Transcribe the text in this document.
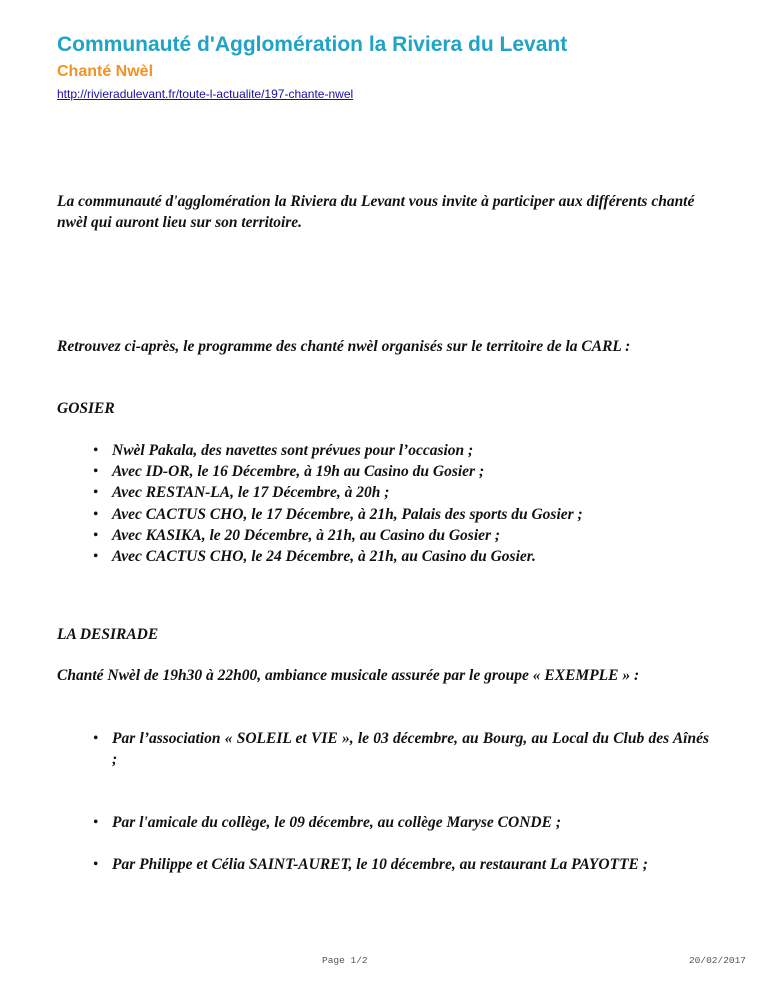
Communauté d'Agglomération la Riviera du Levant
Chanté Nwèl
http://rivieradulevant.fr/toute-l-actualite/197-chante-nwel

La communauté d'agglomération la Riviera du Levant vous invite à participer aux différents chanté nwèl qui auront lieu sur son territoire.

Retrouvez ci-après, le programme des chanté nwèl organisés sur le territoire de la CARL :

GOSIER

• Nwèl Pakala, des navettes sont prévues pour l’occasion ;
• Avec ID-OR, le 16 Décembre, à 19h au Casino du Gosier ;
• Avec RESTAN-LA, le 17 Décembre, à 20h ;
• Avec CACTUS CHO, le 17 Décembre, à 21h, Palais des sports du Gosier ;
• Avec KASIKA, le 20 Décembre, à 21h, au Casino du Gosier ;
• Avec CACTUS CHO, le 24 Décembre, à 21h, au Casino du Gosier.

LA DESIRADE

Chanté Nwèl de 19h30 à 22h00, ambiance musicale assurée par le groupe « EXEMPLE » :

• Par l’association « SOLEIL et VIE », le 03 décembre, au Bourg, au Local du Club des Aînés ;
• Par l'amicale du collège, le 09 décembre, au collège Maryse CONDE ;
• Par Philippe et Célia SAINT-AURET, le 10 décembre, au restaurant La PAYOTTE ;
Page 1/2	20/02/2017
